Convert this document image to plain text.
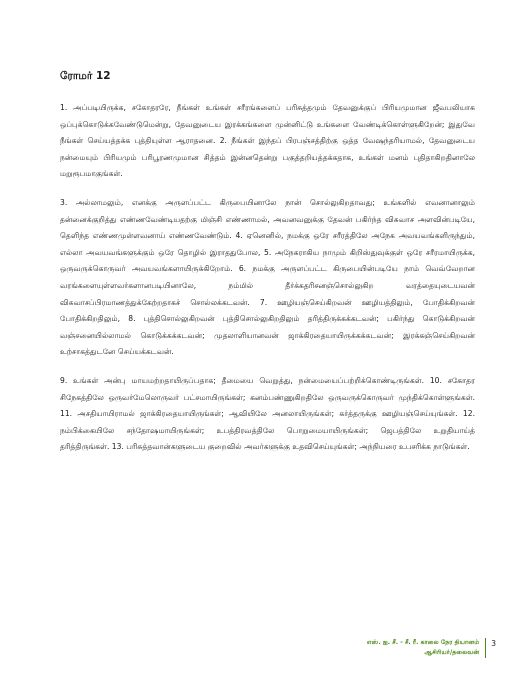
ரோமர் 12

1. அப்படியிருக்க, சகோதரரே, நீங்கள் உங்கள் சரீரங்களைப் பரிசுத்தமும் தேவனுக்குப் பிரியமுமான ஜீவபலியாக ஒப்புக்கொடுக்கவேண்டுமென்று, தேவனுடைய இரக்கங்களை முன்னிட்டு உங்களை வேண்டிக்கொள்ளுகிறேன்; இதுவே நீங்கள் செய்யத்தக்க புத்தியுள்ள ஆராதனை. 2. நீங்கள் இந்தப் பிரபஞ்சத்திற்கு ஒத்த வேஷந்தரியாமல், தேவனுடைய நன்மையும் பிரியமும் பரிபூரணமுமான சித்தம் இன்னதென்று பகுத்தறியத்தக்கதாக, உங்கள் மனம் புதிதாகிறதினாலே மறுரூபமாகுங்கள்.

3. அல்லாமலும், எனக்கு அருளப்பட்ட கிருபையினாலே நான் சொல்லுகிறதாவது; உங்களில் எவனானாலும் தன்னைக்குறித்து எண்ணவேண்டியதற்கு மிஞ்சி எண்ணாமல், அவனவனுக்கு தேவன் பகிர்ந்த விசுவாச அளவின்படியே, தெளிந்த எண்ணமுள்ளவனாய் எண்ணவேண்டும். 4. ஏனெனில், நமக்கு ஒரே சரீரத்திலே அநேக அவயவங்களிருந்தும், எல்லா அவயவங்களுக்கும் ஒரே தொழில் இராததுபோல, 5. அநேகராகிய நாமும் கிறிஸ்துவுக்குள் ஒரே சரீரமாயிருக்க, ஒருவருக்கொருவர் அவயவங்களாயிருக்கிறோம். 6. நமக்கு அருளப்பட்ட கிருபையின்படியே நாம் வெவ்வேறான வரங்களையுள்ளவர்களானபடியினாலே, நம்மில் தீர்க்கதரிசனஞ்சொல்லுகிற வரத்தையுடையவன் விசுவாசப்பிரமாணத்துக்கேற்றதாகச் சொல்லக்கடவன். 7. ஊழியஞ்செய்கிறவன் ஊழியத்திலும், போதிக்கிறவன் போதிக்கிறதிலும், 8. புத்திசொல்லுகிறவன் புத்திசொல்லுகிறதிலும் தரித்திருக்கக்கடவன்; பகிர்ந்து கொடுக்கிறவன் வஞ்சனையில்லாமல் கொடுக்கக்கடவன்; முதலாளியானவன் ஜாக்கிரதையாயிருக்கக்கடவன்; இரக்கஞ்செய்கிறவன் உற்சாகத்துடனே செய்யக்கடவன்.

9. உங்கள் அன்பு மாயமற்றதாயிருப்பதாக; தீமையை வெறுத்து, நன்மையைப்பற்றிக்கொண்டிருங்கள். 10. சகோதர சிநேகத்திலே ஒருவர்மேலொருவர் பட்சமாயிருங்கள்; கனம்பண்ணுகிறதிலே ஒருவருக்கொருவர் முந்திக்கொள்ளுங்கள். 11. அசதியாயிராமல் ஜாக்கிரதையாயிருங்கள்; ஆவியிலே அனலாயிருங்கள்; கர்த்தருக்கு ஊழியஞ்செய்யுங்கள். 12. நம்பிக்கையிலே சந்தோஷமாயிருங்கள்; உபத்திரவத்திலே பொறுமையாயிருங்கள்; ஜெபத்திலே உறுதியாய்த் தரித்திருங்கள். 13. பரிசுத்தவான்களுடைய குறைவில் அவர்களுக்கு உதவிசெய்யுங்கள்; அந்நியரை உபசரிக்க நாடுங்கள்.

எஸ். ஐ. சீ. - சீ. ரீ. காலை நேர தியானம்
ஆசிரியர்/தலைவன்
3
